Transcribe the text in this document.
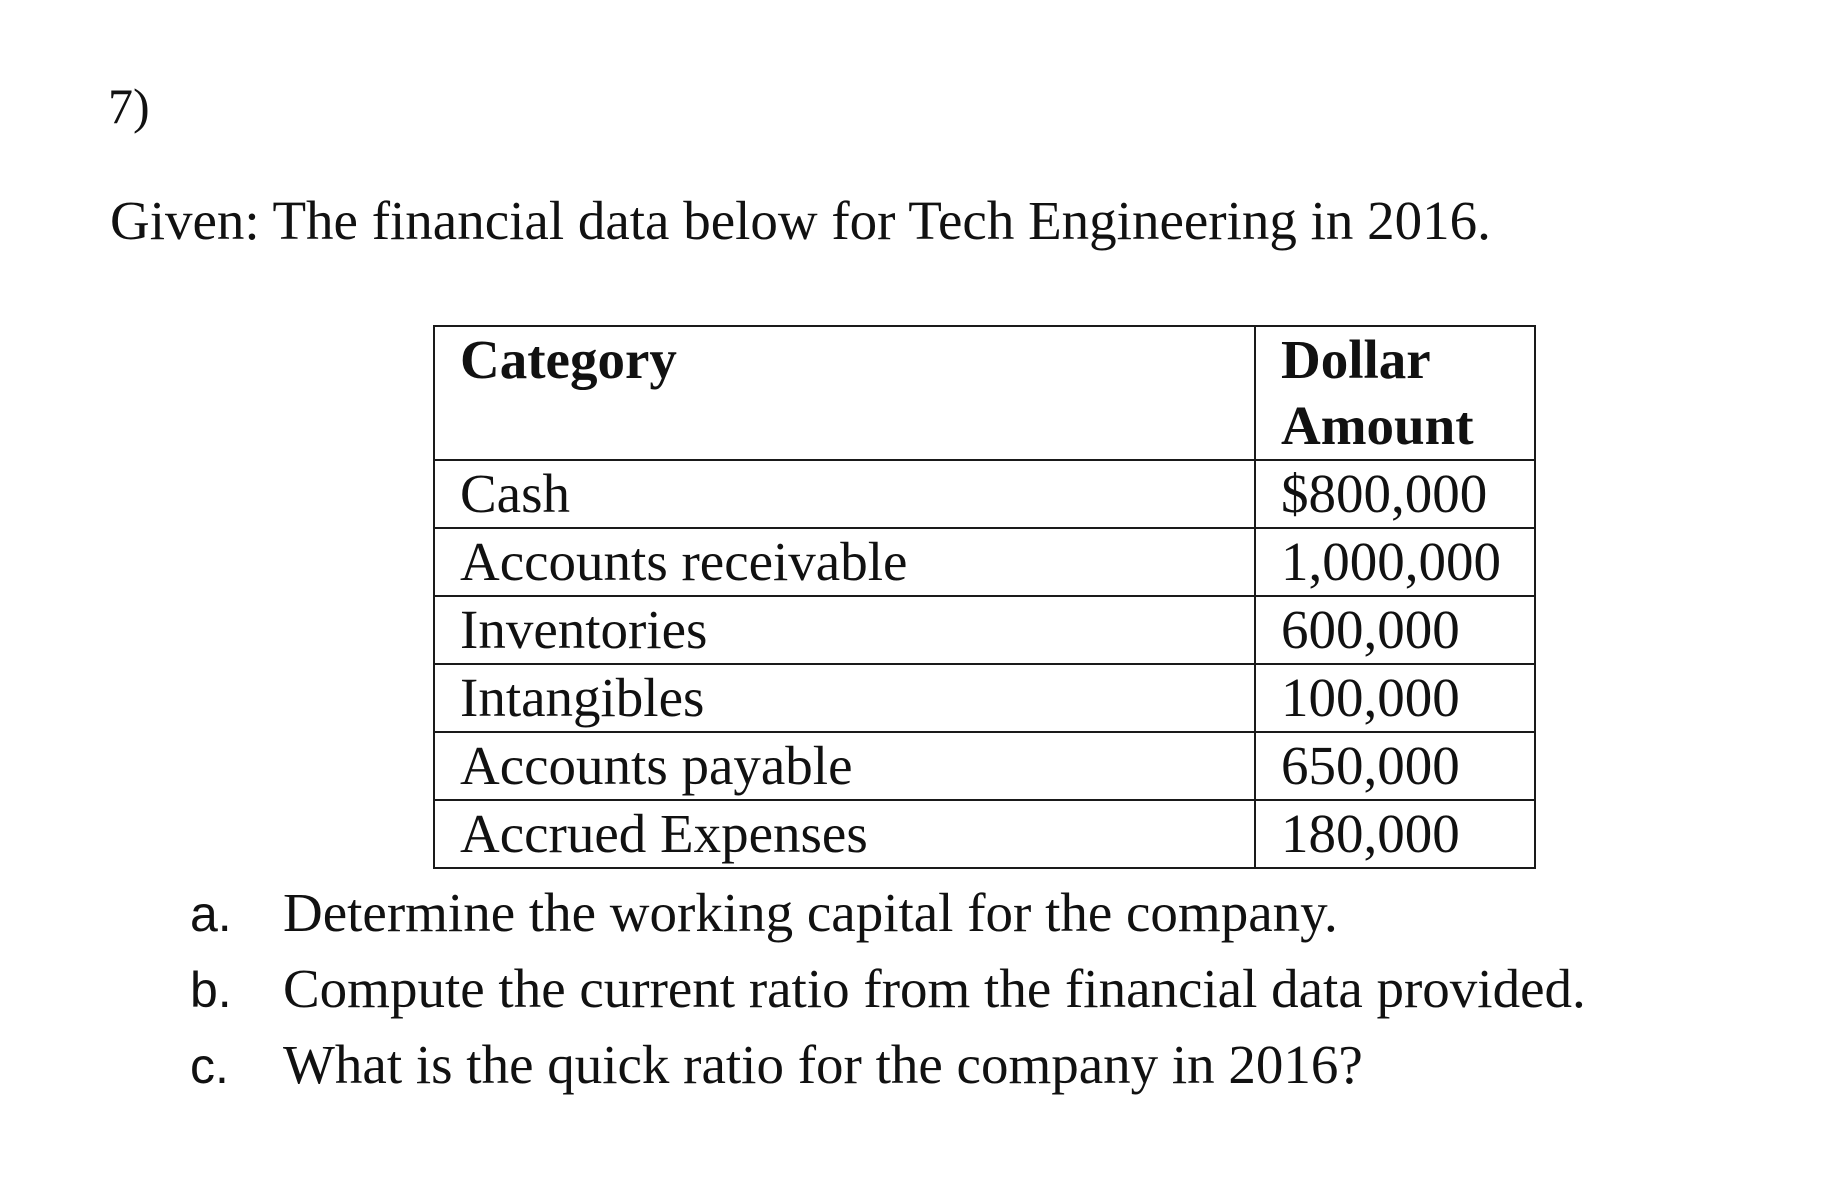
7)
Given: The financial data below for Tech Engineering in 2016.
Category	Dollar
Amount
Cash	$800,000
Accounts receivable	1,000,000
Inventories	600,000
Intangibles	100,000
Accounts payable	650,000
Accrued Expenses	180,000
a. Determine the working capital for the company.
b. Compute the current ratio from the financial data provided.
c. What is the quick ratio for the company in 2016?
